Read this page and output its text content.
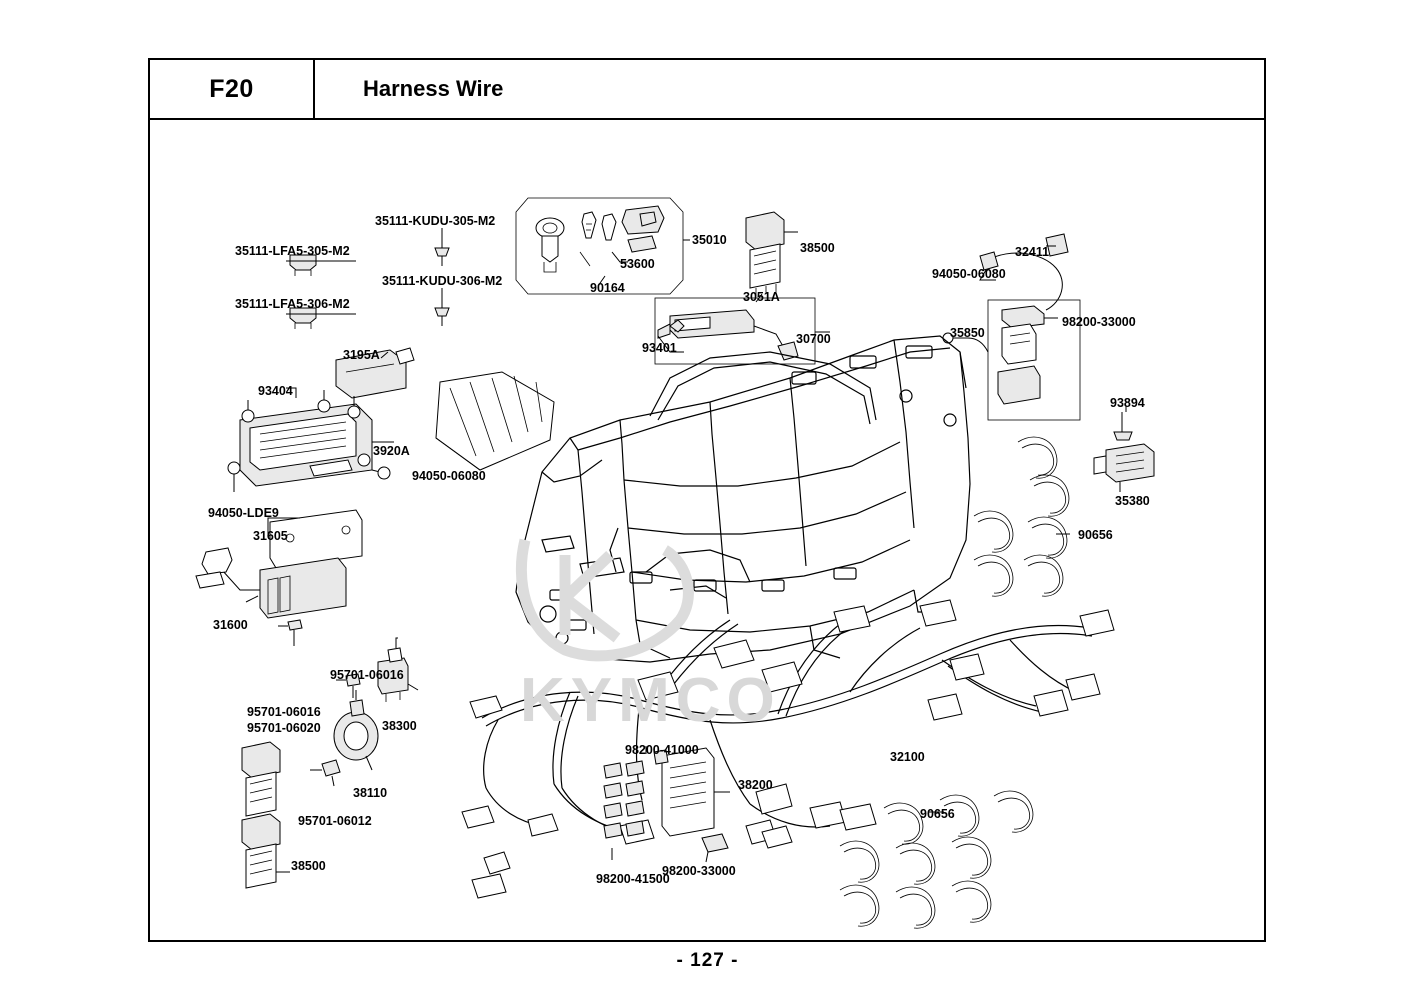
F20	Harness Wire
KYMCO
35111-KUDU-305-M2
35111-LFA5-305-M2
35111-KUDU-306-M2
35111-LFA5-306-M2
35010
53600
90164
38500
3051A
32411
94050-06080
98200-33000
35850
30700
93401
3195A
93404
93894
3920A
35380
94050-06080
94050-LDE9
90656
31605
31600
95701-06016
95701-06016
95701-06020	38300
98200-41000	32100
38110
38200
95701-06012	90656
98200-41500
98200-33000
38500
- 127 -
